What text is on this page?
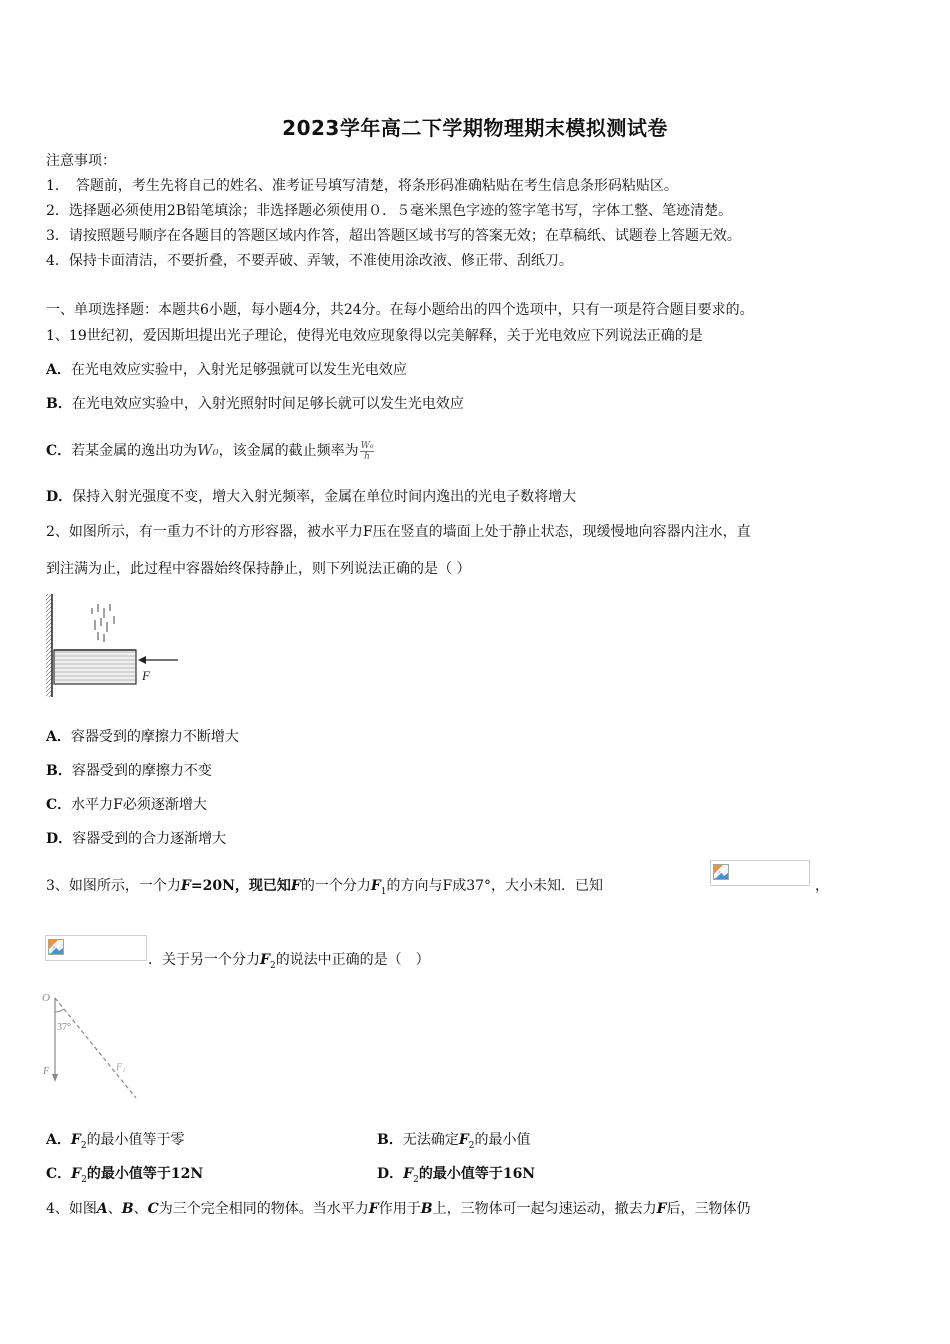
2023学年高二下学期物理期末模拟测试卷
注意事项：
1．　答题前，考生先将自己的姓名、准考证号填写清楚，将条形码准确粘贴在考生信息条形码粘贴区。
2．选择题必须使用2B铅笔填涂；非选择题必须使用０．５毫米黑色字迹的签字笔书写，字体工整、笔迹清楚。
3．请按照题号顺序在各题目的答题区域内作答，超出答题区域书写的答案无效；在草稿纸、试题卷上答题无效。
4．保持卡面清洁，不要折叠，不要弄破、弄皱，不准使用涂改液、修正带、刮纸刀。
一、单项选择题：本题共6小题，每小题4分，共24分。在每小题给出的四个选项中，只有一项是符合题目要求的。
1、19世纪初，爱因斯坦提出光子理论，使得光电效应现象得以完美解释，关于光电效应下列说法正确的是
A．在光电效应实验中，入射光足够强就可以发生光电效应
B．在光电效应实验中，入射光照射时间足够长就可以发生光电效应
C．若某金属的逸出功为W₀，该金属的截止频率为 $\frac{\text{W₀}}{h}$
D．保持入射光强度不变，增大入射光频率，金属在单位时间内逸出的光电子数将增大
2、如图所示，有一重力不计的方形容器，被水平力F压在竖直的墙面上处于静止状态，现缓慢地向容器内注水，直
到注满为止，此过程中容器始终保持静止，则下列说法正确的是（ ）
F
A．容器受到的摩擦力不断增大
B．容器受到的摩擦力不变
C．水平力F必须逐渐增大
D．容器受到的合力逐渐增大
3、如图所示，一个力F=20N，现已知F的一个分力$F_1$的方向与F成37°，大小未知．已知	，
．关于另一个分力$F_2$的说法中正确的是（　）
O
37°
F	F₁
A．$F_2$的最小值等于零	B．无法确定$F_2$的最小值
C．$F_2$的最小值等于12N	D．$F_2$的最小值等于16N
4、如图A、B、C为三个完全相同的物体。当水平力F作用于B上，三物体可一起匀速运动，撤去力F后，三物体仍
